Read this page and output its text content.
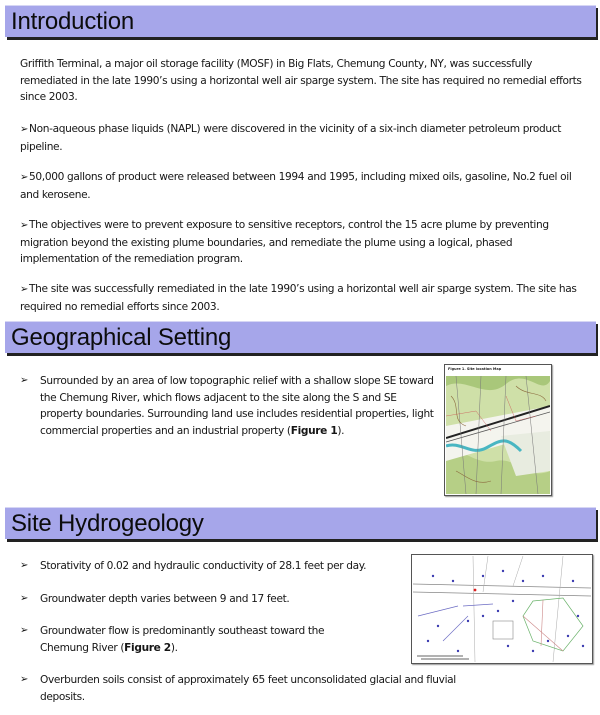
Introduction

Griffith Terminal, a major oil storage facility (MOSF) in Big Flats, Chemung County, NY, was successfully remediated in the late 1990’s using a horizontal well air sparge system. The site has required no remedial efforts since 2003.

➢Non-aqueous phase liquids (NAPL) were discovered in the vicinity of a six-inch diameter petroleum product pipeline.

➢50,000 gallons of product were released between 1994 and 1995, including mixed oils, gasoline, No.2 fuel oil and kerosene.

➢The objectives were to prevent exposure to sensitive receptors, control the 15 acre plume by preventing migration beyond the existing plume boundaries, and remediate the plume using a logical, phased implementation of the remediation program.

➢The site was successfully remediated in the late 1990’s using a horizontal well air sparge system. The site has required no remedial efforts since 2003.

Geographical Setting
➢	Surrounded by an area of low topographic relief with a shallow slope SE toward the Chemung River, which flows adjacent to the site along the S and SE property boundaries. Surrounding land use includes residential properties, light commercial properties and an industrial property (Figure 1).
Figure 1. Site location Map
Site Hydrogeology
➢	Storativity of 0.02 and hydraulic conductivity of 28.1 feet per day.
➢	Groundwater depth varies between 9 and 17 feet.
➢	Groundwater flow is predominantly southeast toward the Chemung River (Figure 2).
➢	Overburden soils consist of approximately 65 feet unconsolidated glacial and fluvial deposits.
